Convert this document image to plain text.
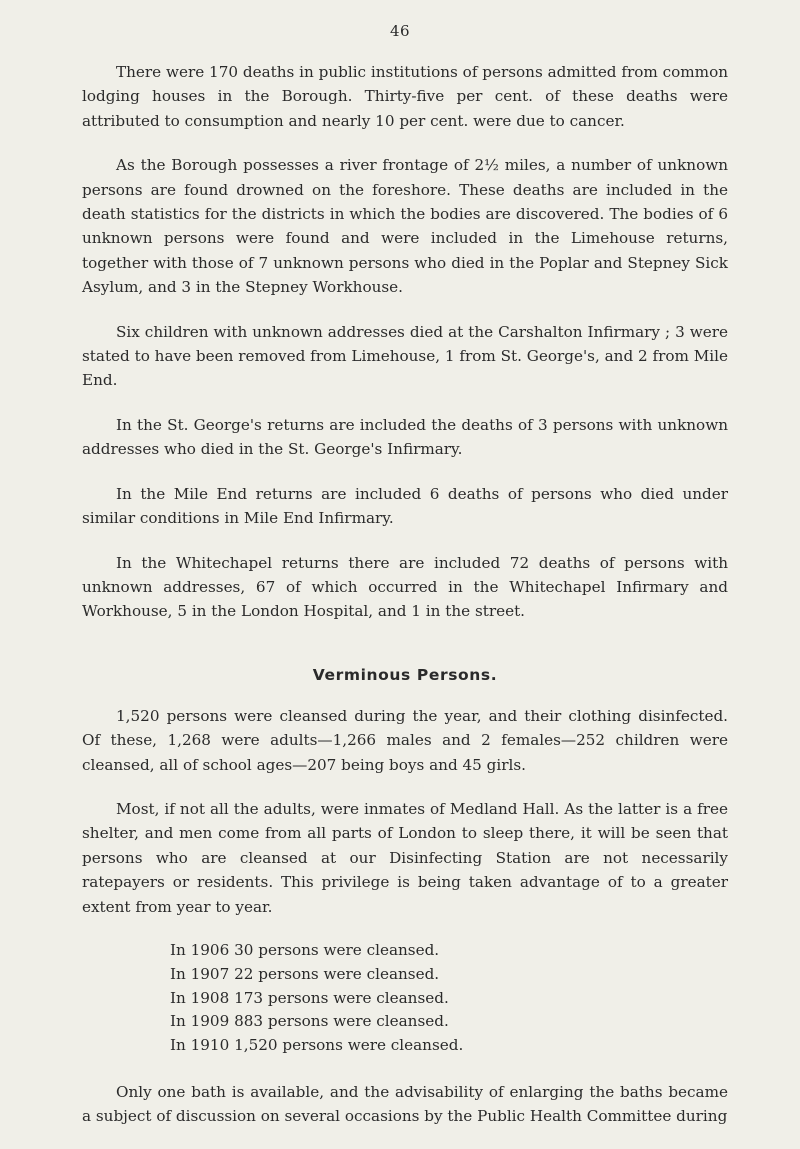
46

There were 170 deaths in public institutions of persons admitted from common lodging houses in the Borough. Thirty-five per cent. of these deaths were attributed to consumption and nearly 10 per cent. were due to cancer.

As the Borough possesses a river frontage of 2½ miles, a number of unknown persons are found drowned on the foreshore. These deaths are included in the death statistics for the districts in which the bodies are discovered. The bodies of 6 unknown persons were found and were included in the Limehouse returns, together with those of 7 unknown persons who died in the Poplar and Stepney Sick Asylum, and 3 in the Stepney Workhouse.

Six children with unknown addresses died at the Carshalton Infirmary ; 3 were stated to have been removed from Limehouse, 1 from St. George's, and 2 from Mile End.

In the St. George's returns are included the deaths of 3 persons with unknown addresses who died in the St. George's Infirmary.

In the Mile End returns are included 6 deaths of persons who died under similar conditions in Mile End Infirmary.

In the Whitechapel returns there are included 72 deaths of persons with unknown addresses, 67 of which occurred in the Whitechapel Infirmary and Workhouse, 5 in the London Hospital, and 1 in the street.

Verminous Persons.

1,520 persons were cleansed during the year, and their clothing disinfected. Of these, 1,268 were adults—1,266 males and 2 females—252 children were cleansed, all of school ages—207 being boys and 45 girls.

Most, if not all the adults, were inmates of Medland Hall. As the latter is a free shelter, and men come from all parts of London to sleep there, it will be seen that persons who are cleansed at our Disinfecting Station are not necessarily ratepayers or residents. This privilege is being taken advantage of to a greater extent from year to year.

In 1906 30 persons were cleansed.
In 1907 22 persons were cleansed.
In 1908 173 persons were cleansed.
In 1909 883 persons were cleansed.
In 1910 1,520 persons were cleansed.

Only one bath is available, and the advisability of enlarging the baths became a subject of discussion on several occasions by the Public Health Committee during
